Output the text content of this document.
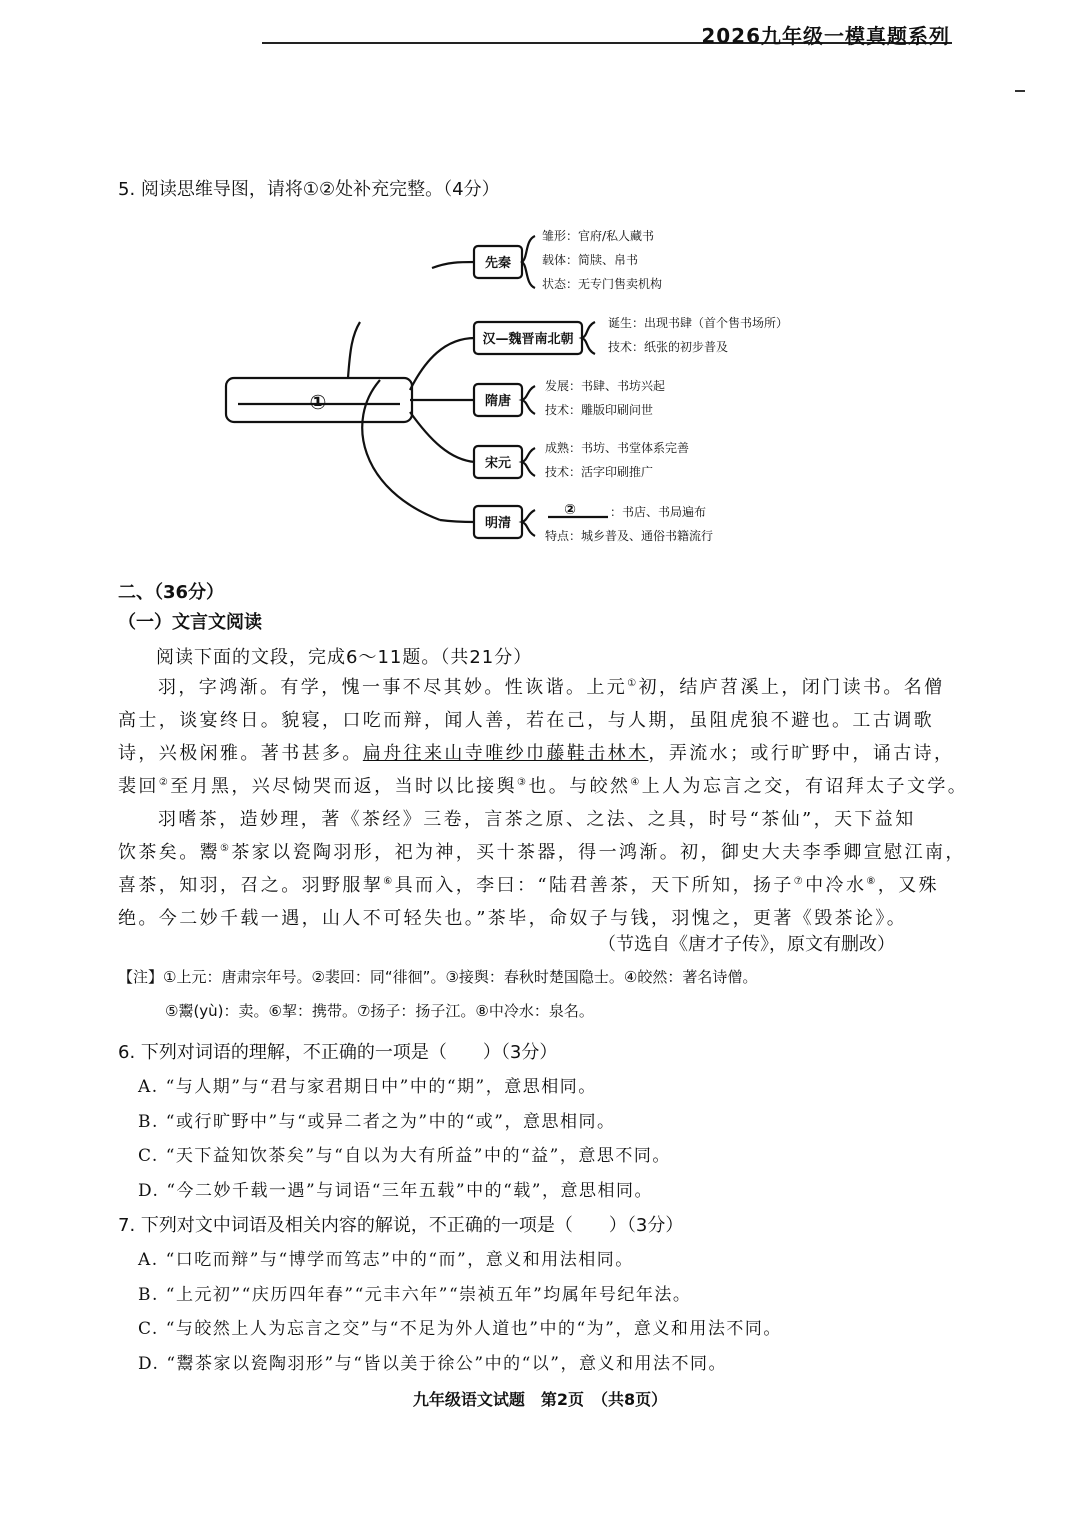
2026九年级一模真题系列
5. 阅读思维导图，请将①②处补充完整。（4分）
先秦
汉—魏晋南北朝
隋唐
宋元
明清
①
雏形：官府/私人藏书
载体：简牍、帛书
状态：无专门售卖机构
诞生：出现书肆（首个售书场所）
技术：纸张的初步普及
发展：书肆、书坊兴起
技术：雕版印刷问世
成熟：书坊、书堂体系完善
技术：活字印刷推广
②	：书店、书局遍布
特点：城乡普及、通俗书籍流行
二、（36分）
（一）文言文阅读
阅读下面的文段，完成6～11题。（共21分）
羽，字鸿渐。有学，愧一事不尽其妙。性诙谐。上元①初，结庐苕溪上，闭门读书。名僧
高士，谈宴终日。貌寝，口吃而辩，闻人善，若在己，与人期，虽阻虎狼不避也。工古调歌
诗，兴极闲雅。著书甚多。扁舟往来山寺唯纱巾藤鞋击林木，弄流水；或行旷野中，诵古诗，
裴回②至月黑，兴尽恸哭而返，当时以比接舆③也。与皎然④上人为忘言之交，有诏拜太子文学。
羽嗜茶，造妙理，著《茶经》三卷，言茶之原、之法、之具，时号“茶仙”，天下益知
饮茶矣。鬻⑤茶家以瓷陶羽形，祀为神，买十茶器，得一鸿渐。初，御史大夫李季卿宣慰江南，
喜茶，知羽，召之。羽野服挈⑥具而入，李曰：“陆君善茶，天下所知，扬子⑦中冷水⑧，又殊
绝。今二妙千载一遇，山人不可轻失也。”茶毕，命奴子与钱，羽愧之，更著《毁茶论》。
（节选自《唐才子传》，原文有删改）
【注】①上元：唐肃宗年号。②裴回：同“徘徊”。③接舆：春秋时楚国隐士。④皎然：著名诗僧。
⑤鬻(yù)：卖。⑥挈：携带。⑦扬子：扬子江。⑧中冷水：泉名。
6. 下列对词语的理解，不正确的一项是（　　）（3分）
A. “与人期”与“君与家君期日中”中的“期”，意思相同。
B. “或行旷野中”与“或异二者之为”中的“或”，意思相同。
C. “天下益知饮茶矣”与“自以为大有所益”中的“益”，意思不同。
D. “今二妙千载一遇”与词语“三年五载”中的“载”，意思相同。
7. 下列对文中词语及相关内容的解说，不正确的一项是（　　）（3分）
A. “口吃而辩”与“博学而笃志”中的“而”，意义和用法相同。
B. “上元初”“庆历四年春”“元丰六年”“崇祯五年”均属年号纪年法。
C. “与皎然上人为忘言之交”与“不足为外人道也”中的“为”，意义和用法不同。
D. “鬻茶家以瓷陶羽形”与“皆以美于徐公”中的“以”，意义和用法不同。
九年级语文试题　第2页　（共8页）
